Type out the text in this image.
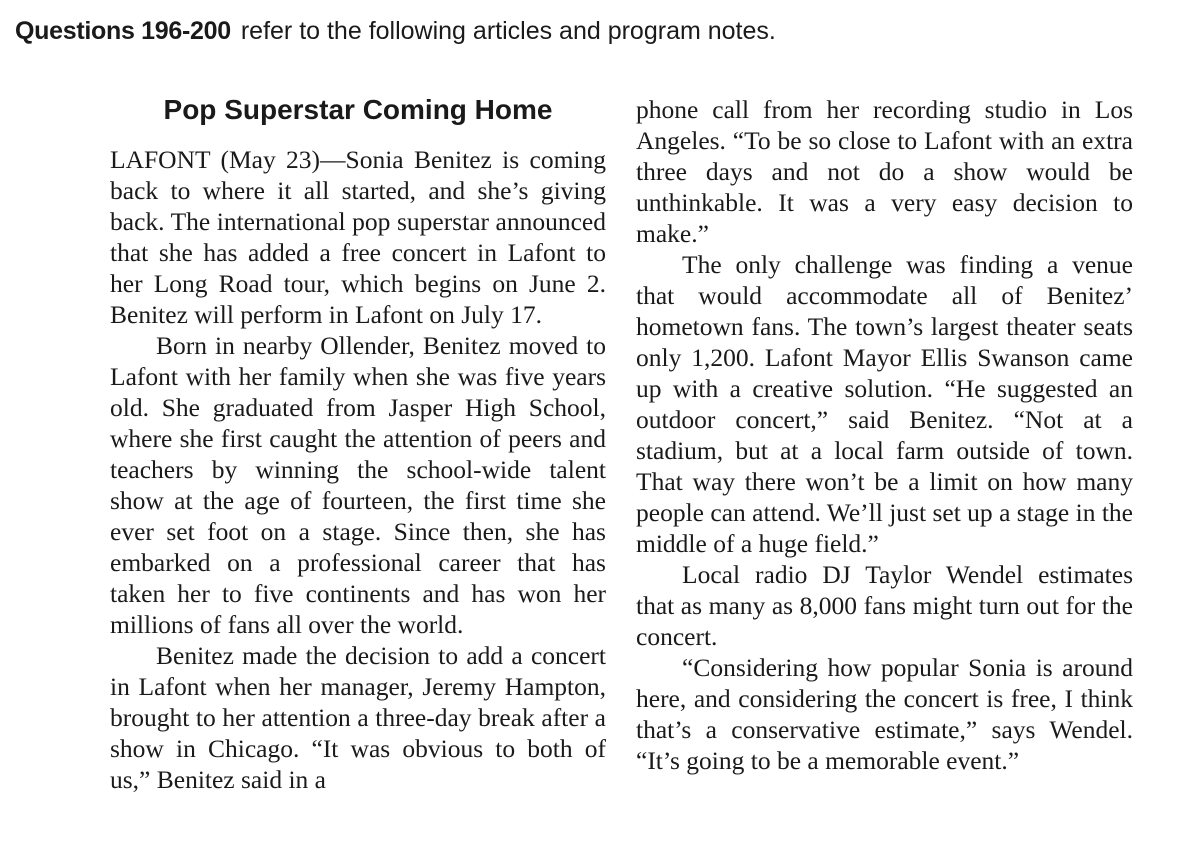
Questions 196-200 refer to the following articles and program notes.
Pop Superstar Coming Home

LAFONT (May 23)—Sonia Benitez is coming back to where it all started, and she’s giving back. The international pop superstar announced that she has added a free concert in Lafont to her Long Road tour, which begins on June 2. Benitez will perform in Lafont on July 17.

Born in nearby Ollender, Benitez moved to Lafont with her family when she was five years old. She graduated from Jasper High School, where she first caught the attention of peers and teachers by winning the school-wide talent show at the age of fourteen, the first time she ever set foot on a stage. Since then, she has embarked on a professional career that has taken her to five continents and has won her millions of fans all over the world.

Benitez made the decision to add a concert in Lafont when her manager, Jeremy Hampton, brought to her attention a three-day break after a show in Chicago. “It was obvious to both of us,” Benitez said in a

phone call from her recording studio in Los Angeles. “To be so close to Lafont with an extra three days and not do a show would be unthinkable. It was a very easy decision to make.”

The only challenge was finding a venue that would accommodate all of Benitez’ hometown fans. The town’s largest theater seats only 1,200. Lafont Mayor Ellis Swanson came up with a creative solution. “He suggested an outdoor concert,” said Benitez. “Not at a stadium, but at a local farm outside of town. That way there won’t be a limit on how many people can attend. We’ll just set up a stage in the middle of a huge field.”

Local radio DJ Taylor Wendel estimates that as many as 8,000 fans might turn out for the concert.

“Considering how popular Sonia is around here, and considering the concert is free, I think that’s a conservative estimate,” says Wendel. “It’s going to be a memorable event.”
